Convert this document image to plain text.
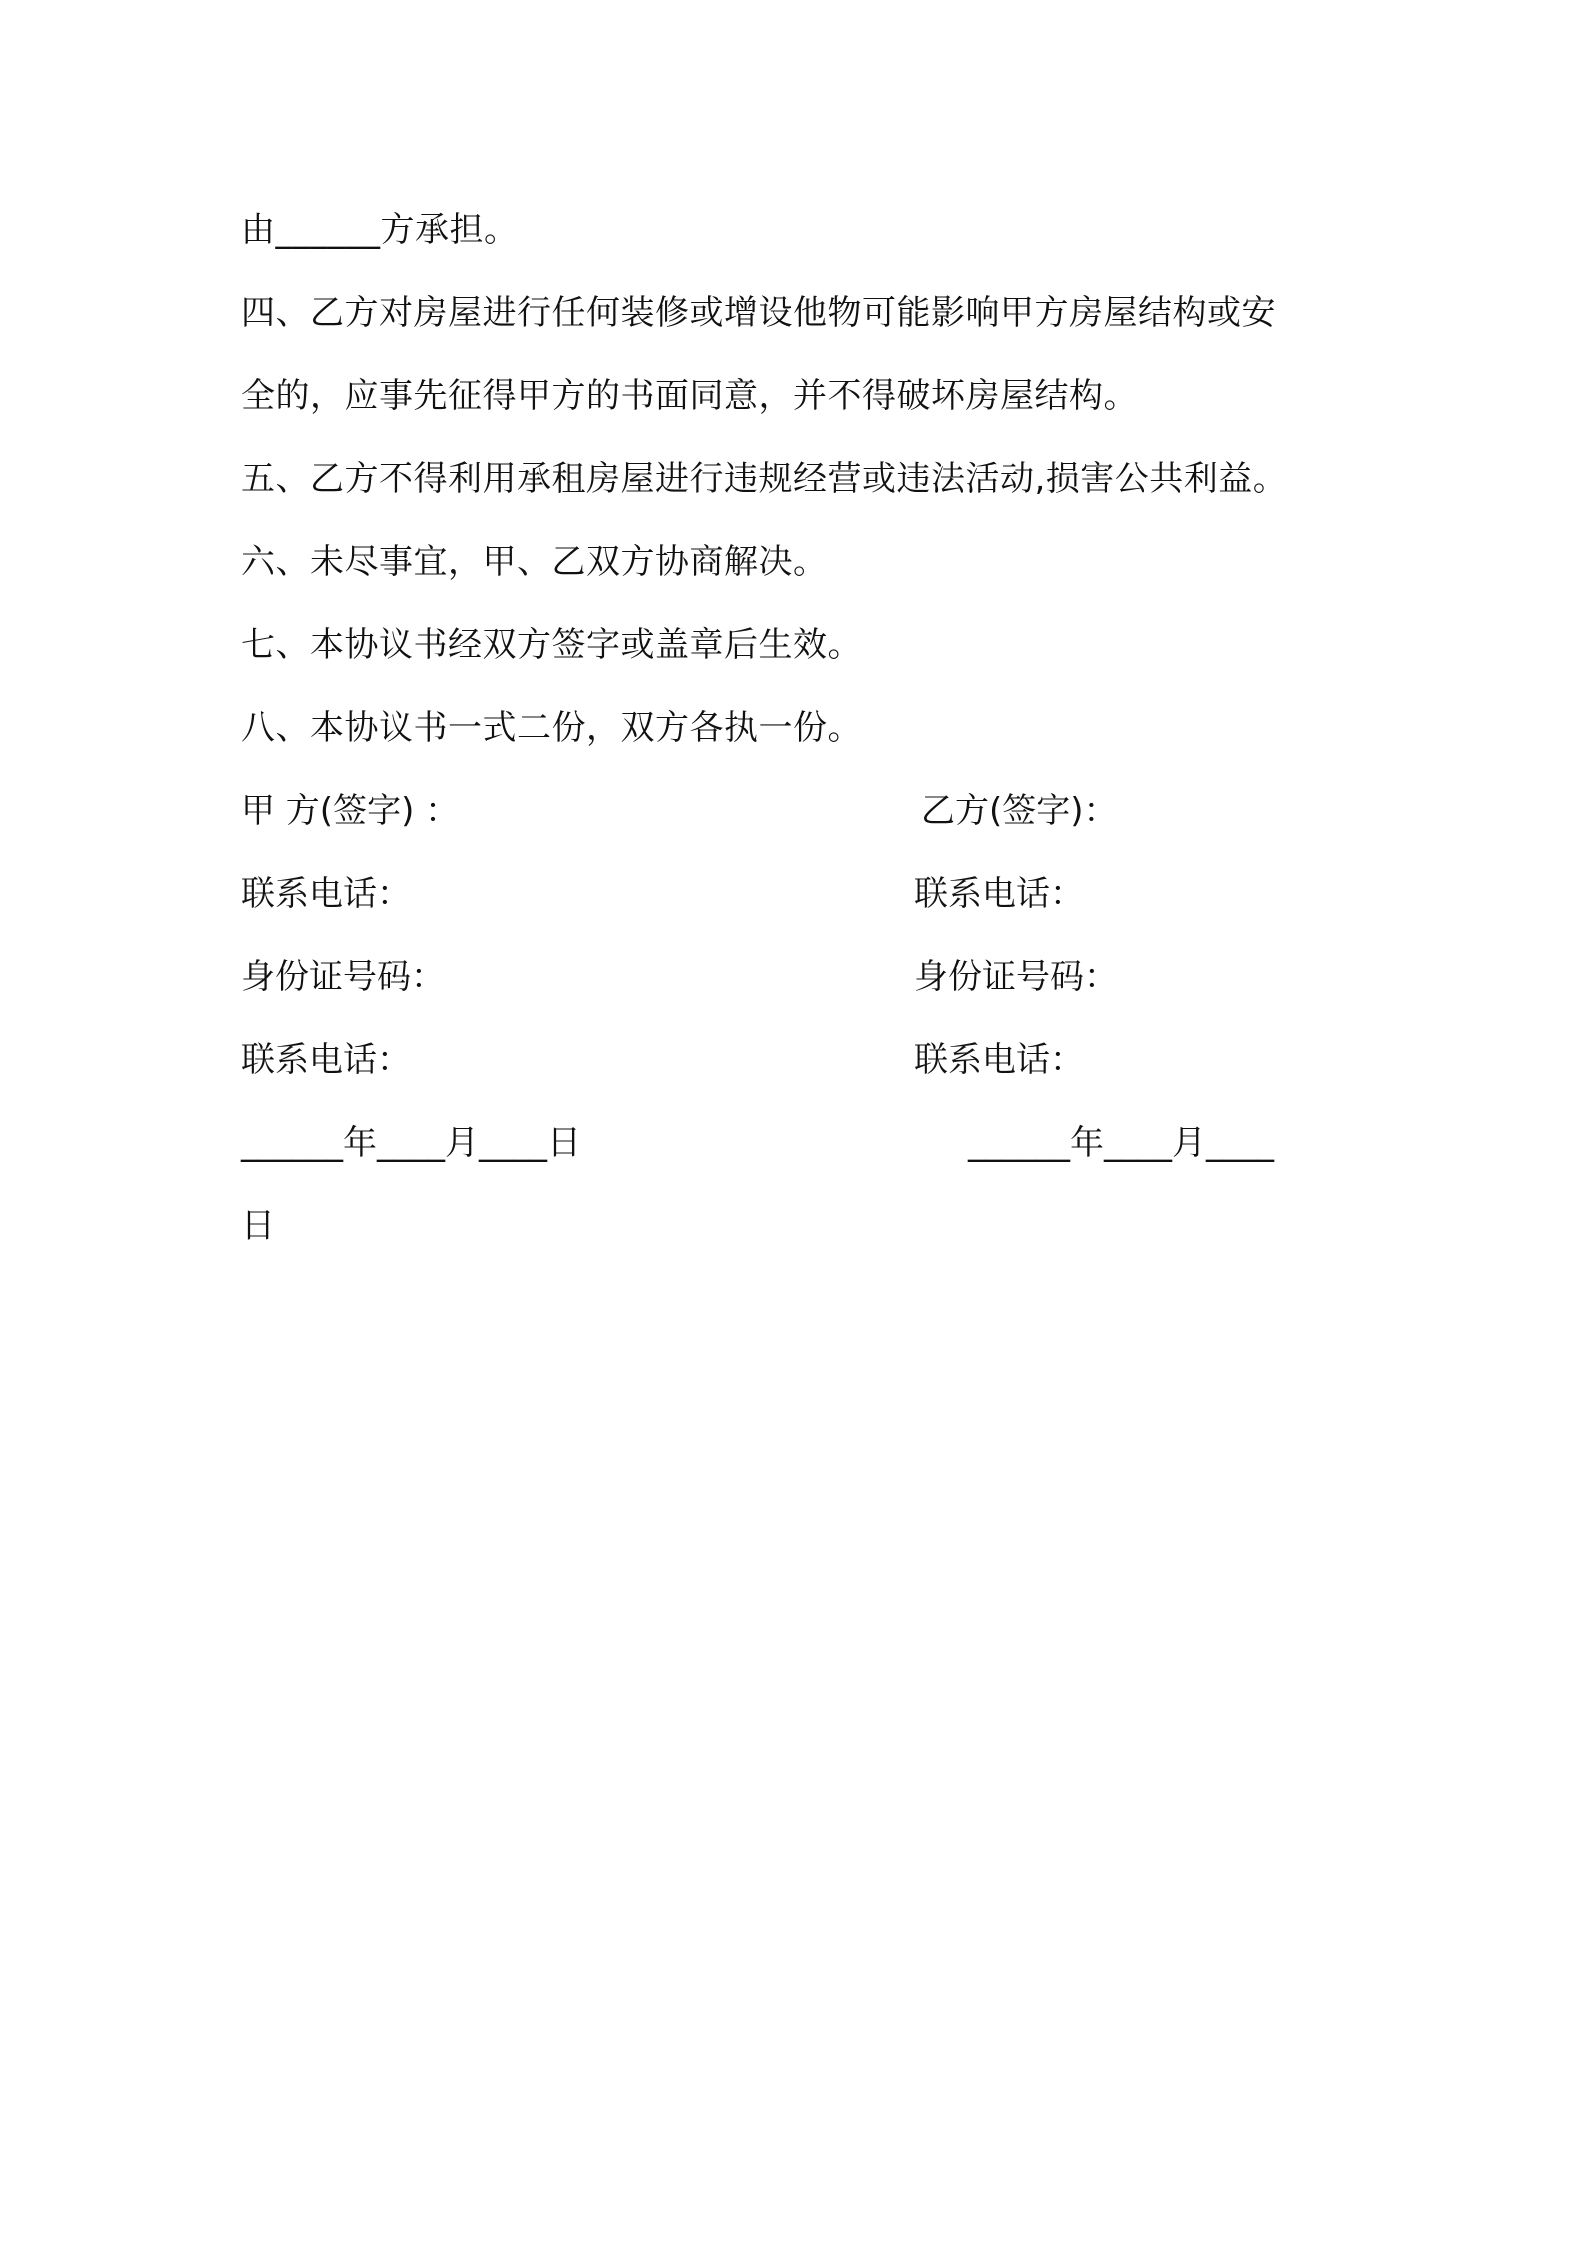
由______方承担。
四、乙方对房屋进行任何装修或增设他物可能影响甲方房屋结构或安
全的，应事先征得甲方的书面同意，并不得破坏房屋结构。
五、乙方不得利用承租房屋进行违规经营或违法活动,损害公共利益。
六、未尽事宜，甲、乙双方协商解决。
七、本协议书经双方签字或盖章后生效。
八、本协议书一式二份，双方各执一份。
甲 方(签字) ：	乙方(签字)：
联系电话：	联系电话：
身份证号码：	身份证号码：
联系电话：	联系电话：
______年____月____日	______年____月____
日
